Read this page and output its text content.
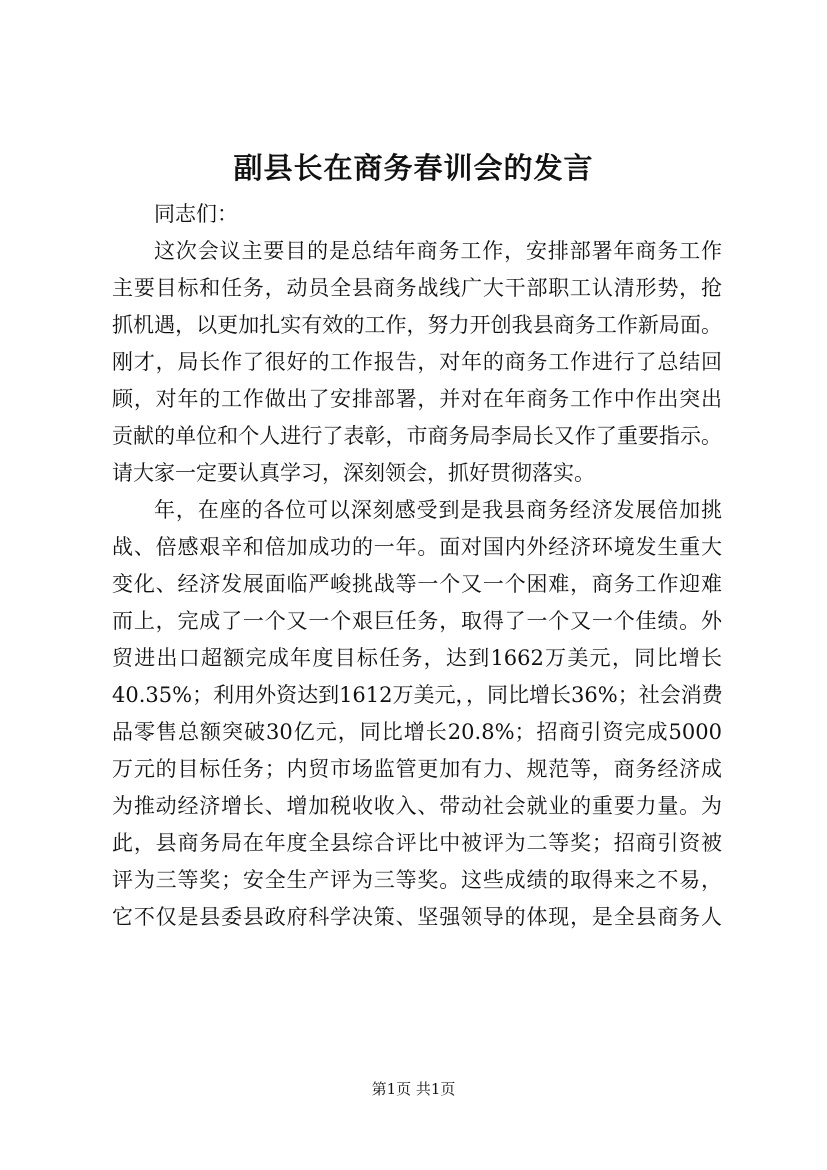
副县长在商务春训会的发言
同志们：
这次会议主要目的是总结年商务工作，安排部署年商务工作
主要目标和任务，动员全县商务战线广大干部职工认清形势，抢
抓机遇，以更加扎实有效的工作，努力开创我县商务工作新局面。
刚才，局长作了很好的工作报告，对年的商务工作进行了总结回
顾，对年的工作做出了安排部署，并对在年商务工作中作出突出
贡献的单位和个人进行了表彰，市商务局李局长又作了重要指示。
请大家一定要认真学习，深刻领会，抓好贯彻落实。
年，在座的各位可以深刻感受到是我县商务经济发展倍加挑
战、倍感艰辛和倍加成功的一年。面对国内外经济环境发生重大
变化、经济发展面临严峻挑战等一个又一个困难，商务工作迎难
而上，完成了一个又一个艰巨任务，取得了一个又一个佳绩。外
贸进出口超额完成年度目标任务，达到1662万美元，同比增长
40.35%；利用外资达到1612万美元，，同比增长36%；社会消费
品零售总额突破30亿元，同比增长20.8%；招商引资完成5000
万元的目标任务；内贸市场监管更加有力、规范等，商务经济成
为推动经济增长、增加税收收入、带动社会就业的重要力量。为
此，县商务局在年度全县综合评比中被评为二等奖；招商引资被
评为三等奖；安全生产评为三等奖。这些成绩的取得来之不易，
它不仅是县委县政府科学决策、坚强领导的体现，是全县商务人
第1页 共1页
